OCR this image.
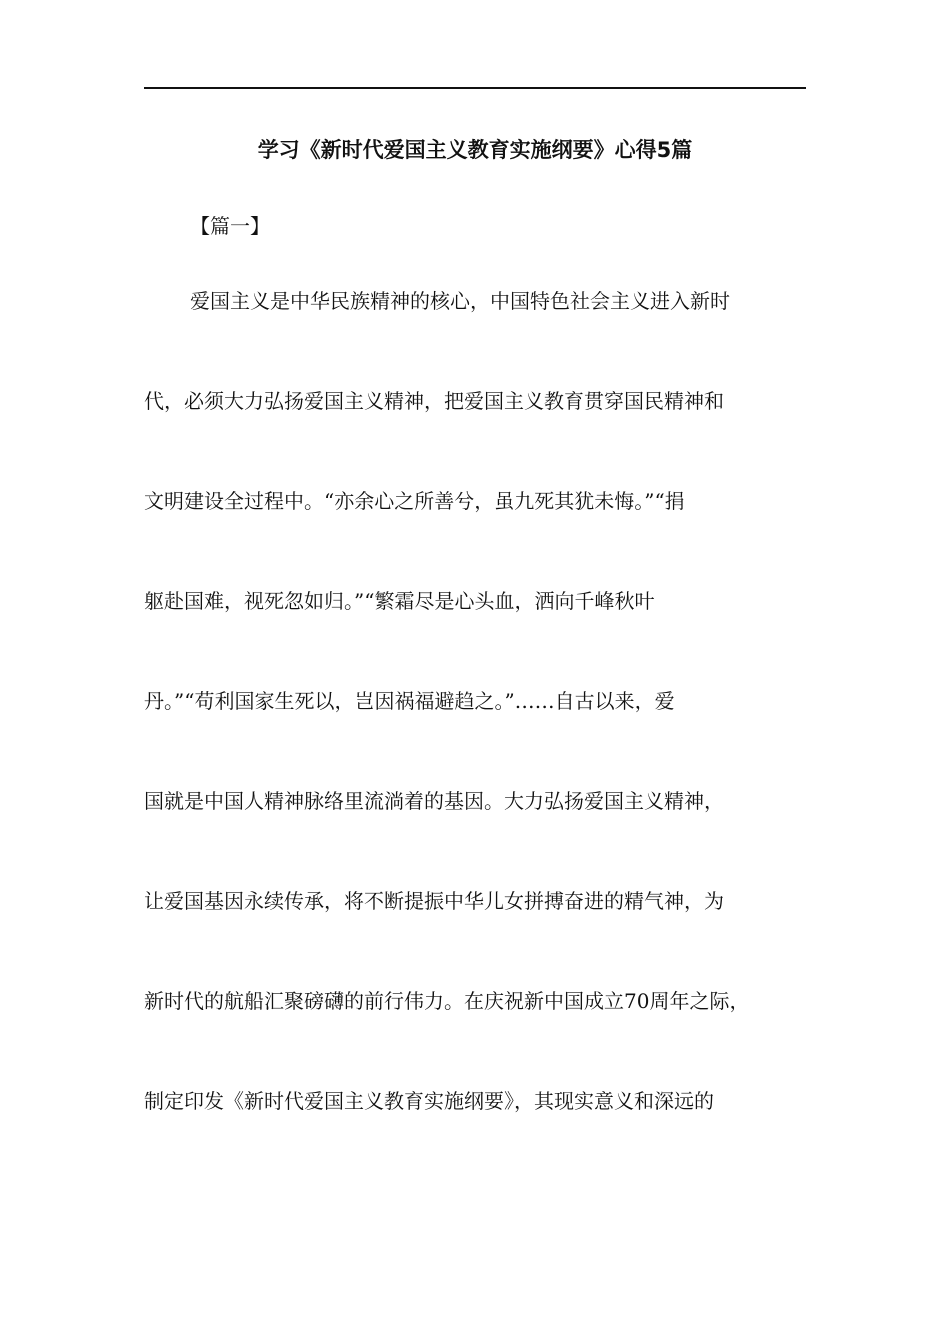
学习《新时代爱国主义教育实施纲要》心得5篇
【篇一】
爱国主义是中华民族精神的核心，中国特色社会主义进入新时
代，必须大力弘扬爱国主义精神，把爱国主义教育贯穿国民精神和
文明建设全过程中。“亦余心之所善兮，虽九死其犹未悔。”“捐
躯赴国难，视死忽如归。”“繁霜尽是心头血，洒向千峰秋叶
丹。”“苟利国家生死以，岂因祸福避趋之。”……自古以来，爱
国就是中国人精神脉络里流淌着的基因。大力弘扬爱国主义精神，
让爱国基因永续传承，将不断提振中华儿女拼搏奋进的精气神，为
新时代的航船汇聚磅礴的前行伟力。在庆祝新中国成立70周年之际，
制定印发《新时代爱国主义教育实施纲要》，其现实意义和深远的
